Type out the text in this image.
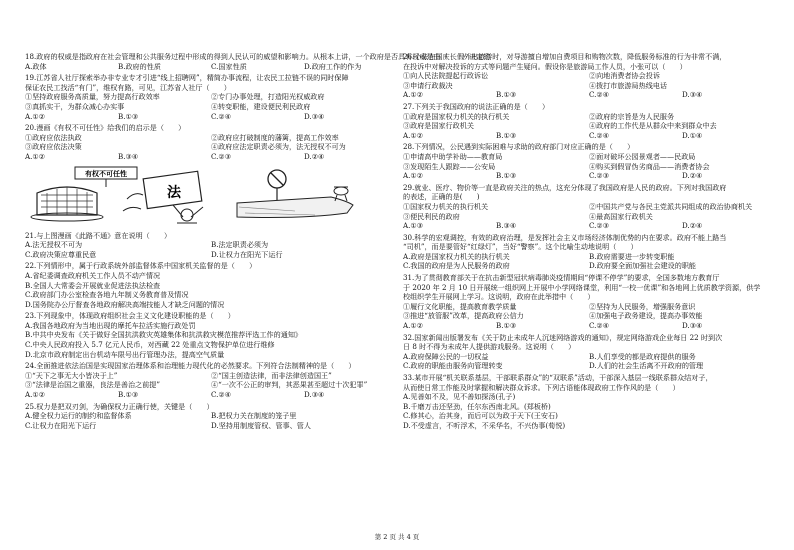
18.政府的权威是指政府在社会管理和公共服务过程中形成的得到人民认可的威望和影响力。从根本上讲，一个政府是否具有权威是由（　　）决定的

A.政体	B.政府的性质	C.国家性质	D.政府工作的作为

19.江苏省人社厅探索举办非专业专才引进“线上招聘网”，精简办事流程，让农民工拉链不误的同时保障

保证农民工找活“有门”，维权有路，可见，江苏省人社厅（　　）

①坚持政府服务高质量，努力提高行政效率	②专门办事处理，打造阳光权威政府
③真抓实干，为群众减心办实事	④转变职能，建设便民利民政府
A.①②	B.①③	C.②④	D.③④

20.漫画《有权不可任性》给我们的启示是（　　）

①政府应依法执政	②政府应打破制度的藩篱，提高工作效率
③政府应依法决策	④政府应法定职责必须为，法无授权不可为
A.①②	B.③④	C.②③	D.②④
有权不可任性
法

21.与上图漫画《此路不通》意在说明（　　）

A.法无授权不可为	B.法定职责必须为
C.政府决策应尊重民意	D.让权力在阳光下运行

22.下列情形中，属于行政系统外部监督体系中国家机关监督的是（　　）

A.省纪委调查政府机关工作人员不动产情况

B.全国人大常委会开展就业促进法执法检查

C.政府部门办公室检查各地九年制义务教育普及情况

D.国务院办公厅督查各地政府解决高端技能人才缺乏问题的情况

23.下列现象中，体现政府组织社会主义文化建设职能的是（　　）

A.我国各地政府为当地出现的摩托车拉活实施行政处罚

B.中共中央发布《关于做好全国抗洪救灾英雄集体和抗洪救灾模范推荐评选工作的通知》

C.中央人民政府投入 5.7 亿元人民币，对西藏 22 处重点文物保护单位进行维修

D.北京市政府制定出台机动车限号出行管理办法，提高空气质量

24.全面推进依法治国是实现国家治理体系和治理能力现代化的必然要求。下列符合法制精神的是（　　）

①“天下之事无大小皆决于上”	②“国主创造法律，而非法律创造国王”
③“法律是治国之重器，良法是善治之前提”	④“一次不公正的审判，其恶果甚至超过十次犯罪”
A.①②	B.①③	C.②④	D.③④

25.权力是把双刃剑，为确保权力正确行使，关键是（　　）

A.健全权力运行的制约和监督体系	B.把权力关在制度的笼子里
C.让权力在阳光下运行	D.坚持用制度管权、管事、管人

26.小张在国庆长假外出旅游时，对导游擅自增加自费项目和购物次数，降低服务标准的行为非常不满，

在投诉中对解决投诉的方式等问题产生疑问。假设你是旅游局工作人员，小张可以（　　）

①向人民法院提起行政诉讼	②向地消费者协会投诉
③申请行政裁决	④拨打市旅游局热线电话
A.①②	B.①③	C.②④	D.③④

27.下列关于我国政府的说法正确的是（　　）

①政府是国家权力机关的执行机关	②政府的宗旨是为人民服务
③政府是国家行政机关	④政府的工作代是从群众中来到群众中去
A.①②	B.①③	C.②④	D.①④

28.下列情况，公民遇到实际困难与求助的政府部门对应正确的是（　　）

①申请高中助学补助——教育局	②面对破坏公园景观者——民政局
③发现陌生人跟踪——公安局	④购买到假冒伪劣商品——消费者协会
A.①②	B.①③	C.②③	D.②④

29.就业、医疗、物价等一直是政府关注的热点，这充分体现了我国政府是人民的政府。下列对我国政府

的表述，正确的是(　　)

①国家权力机关的执行机关	②中国共产党与各民主党派共同组成的政治协商机关
③便民利民的政府	④最高国家行政机关
A.①③	B.③④	C.②③	D.②④

30.科学的宏观调控，有效的政府治理，是发挥社会主义市场经济体制优势的内在要求。政府不能上路当

“司机”，而是要管好“红绿灯”，当好“警察”。这个比喻生动地说明（　　）

A.政府是国家权力机关的执行机关	B.政府需要进一步转变职能
C.我国的政府是为人民服务的政府	D.政府要全面加强社会建设的职能

31.为了贯彻教育部关于在抗击新型冠状病毒肺炎疫情期间“停课不停学”的要求，全国多数地方教育厅

于 2020 年 2 月 10 日开展统一组织网上开展中小学网络课堂，利用“一校一优课”和各地网上优质教学资源，供学

校组织学生开展网上学习。这说明，政府在此举措中（　　）

①履行文化职能，提高教育教学质量	②坚持为人民服务，增强服务意识
③推进“放管服”改革，提高政府公信力	④加强电子政务建设，提高办事效能
A.①②	B.①③	C.②④	D.③④

32.国家新闻出版署发布《关于防止未成年人沉迷网络游戏的通知》，规定网络游戏企业每日 22 时到次

日 8 时不得为未成年人提供游戏服务。这说明（　　）

A.政府保障公民的一切权益	B.人们享受的都是政府提供的服务
C.政府的职能由服务向管理转变	D.人们的社会生活离不开政府的管理

33.某市开展“机关联系基层，干部联系群众”的“双联系”活动，干部深入基层一线联系群众结对子，

从而使日常工作能及时掌握和解决群众诉求。下列古语能体现政府工作作风的是（　　）

A.见善如不及，见不善如探汤(孔子)

B.千磨万击还坚劲，任尔东西南北风。(郑板桥)

C.修其心，治其身，而后可以为政于天下(王安石)

D.不受虚言，不听浮术，不采华名，不兴伪事(荀悦)

第 2 页 共 4 页
